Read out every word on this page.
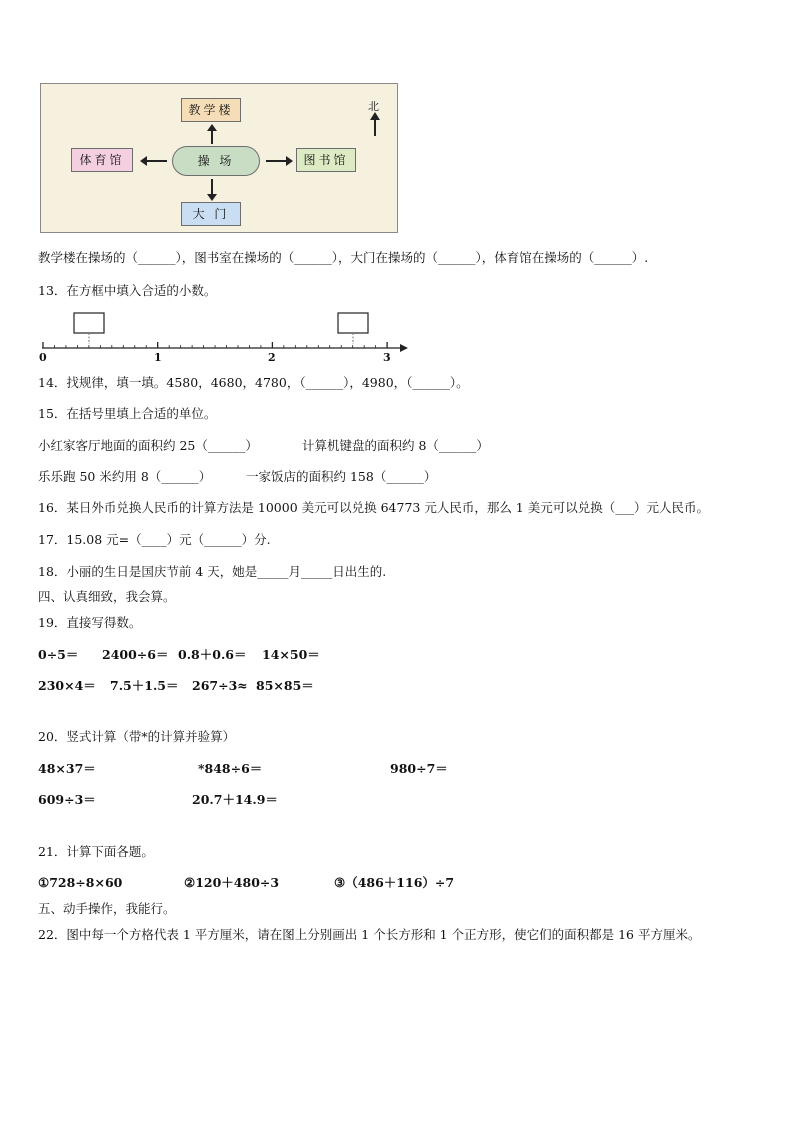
教学楼
操 场
体育馆	图书馆
大 门
北
教学楼在操场的（______），图书室在操场的（______），大门在操场的（______），体育馆在操场的（______）.
13．在方框中填入合适的小数。
0	1	2	3
14．找规律，填一填。4580，4680，4780，（______），4980，（______）。
15．在括号里填上合适的单位。
小红家客厅地面的面积约 25（______）	计算机键盘的面积约 8（______）
乐乐跑 50 米约用 8（______）	一家饭店的面积约 158（______）
16．某日外币兑换人民币的计算方法是 10000 美元可以兑换 64773 元人民币，那么 1 美元可以兑换（___）元人民币。
17．15.08 元=（____）元（______）分.
18．小丽的生日是国庆节前 4 天，她是_____月_____日出生的.
四、认真细致，我会算。
19．直接写得数。
0÷5＝ 2400÷6＝ 0.8＋0.6＝ 14×50＝
230×4＝ 7.5＋1.5＝ 267÷3≈ 85×85＝
20．竖式计算（带*的计算并验算）
48×37＝	*848÷6＝	980÷7＝
609÷3＝	20.7＋14.9＝
21．计算下面各题。
①728÷8×60	②120＋480÷3	③（486＋116）÷7
五、动手操作，我能行。
22．图中每一个方格代表 1 平方厘米，请在图上分别画出 1 个长方形和 1 个正方形，使它们的面积都是 16 平方厘米。
